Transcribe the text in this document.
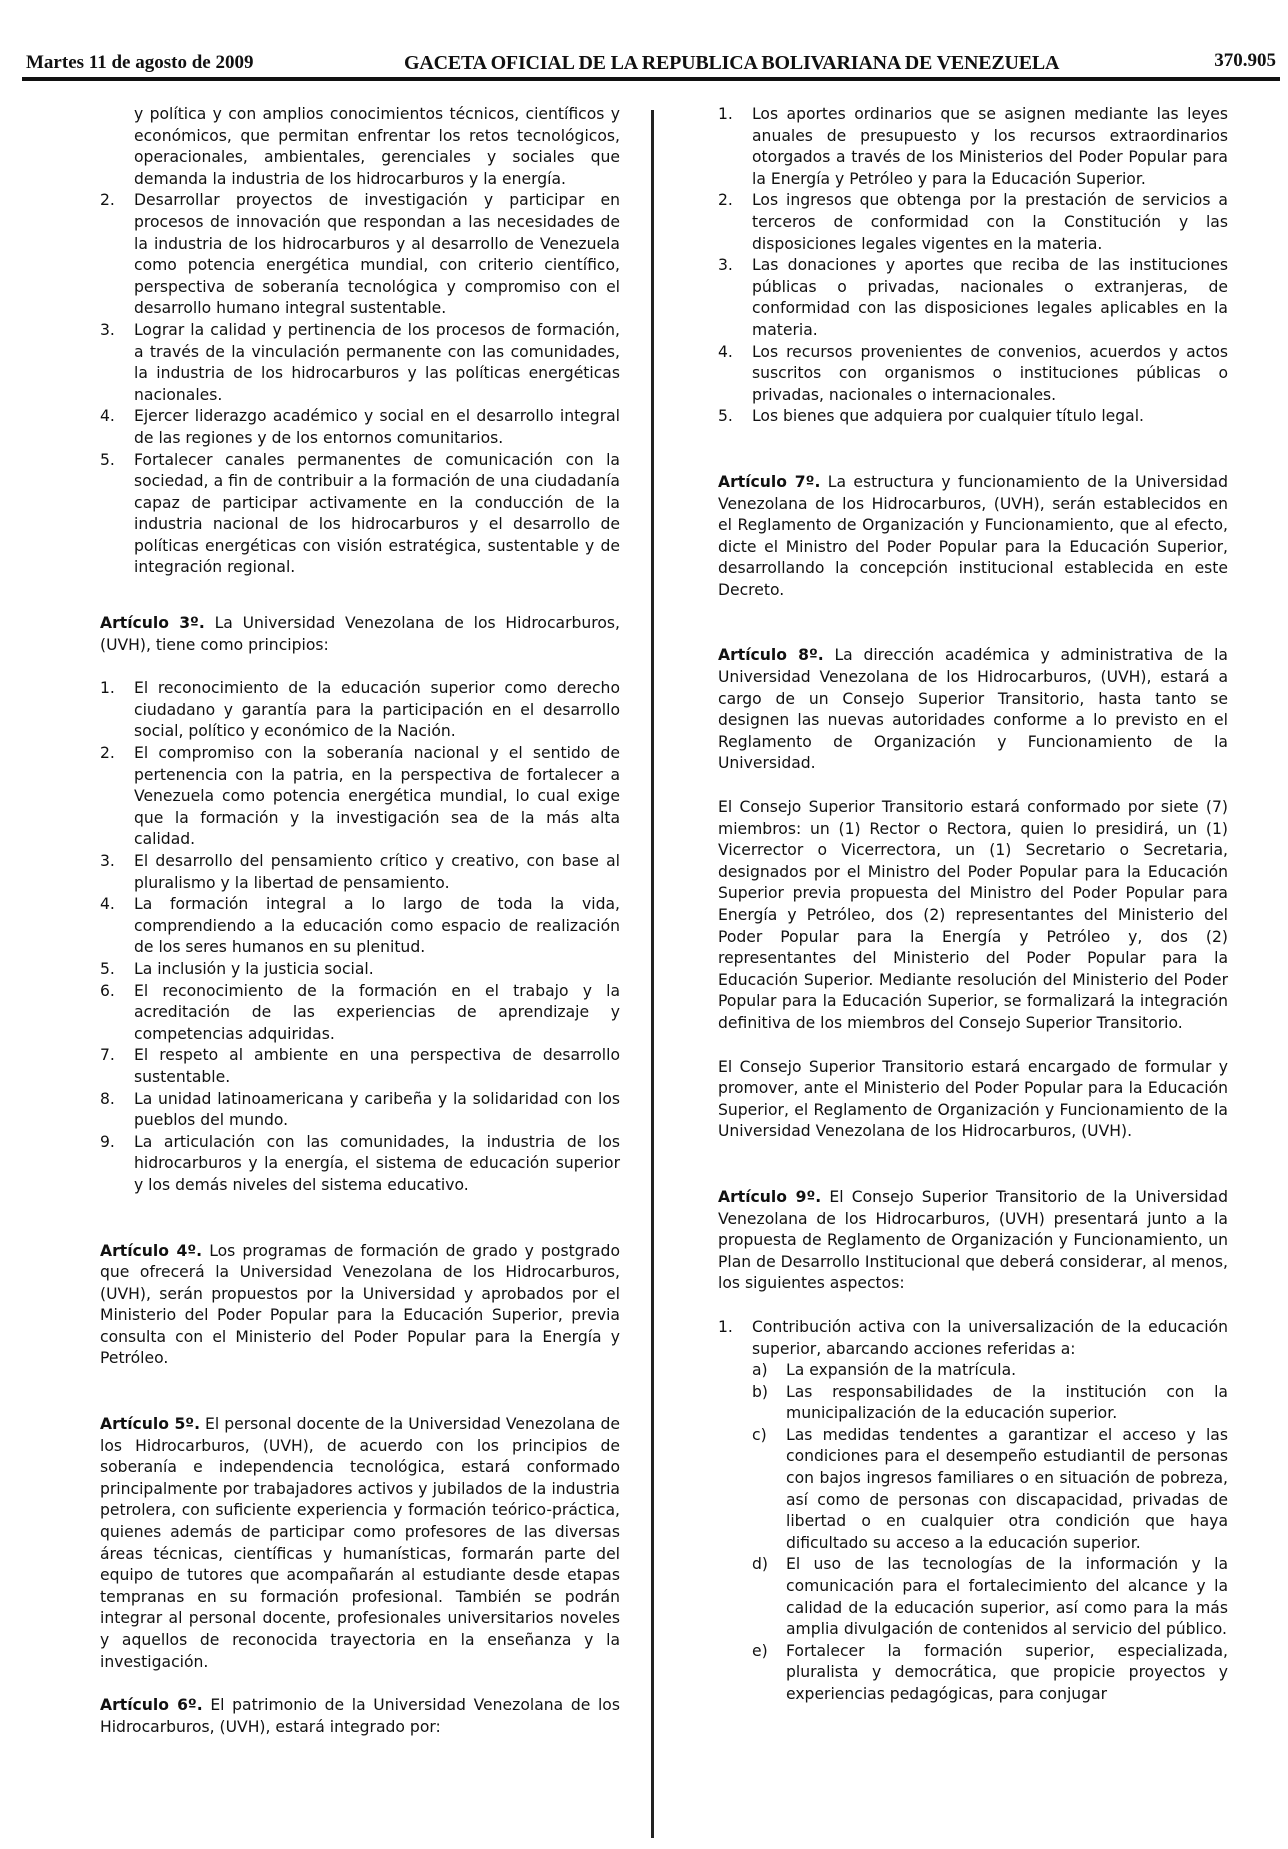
Martes 11 de agosto de 2009	GACETA OFICIAL DE LA REPUBLICA BOLIVARIANA DE VENEZUELA	370.905

y política y con amplios conocimientos técnicos, científicos y económicos, que permitan enfrentar los retos tecnológicos, operacionales, ambientales, gerenciales y sociales que demanda la industria de los hidrocarburos y la energía.

2.	Desarrollar proyectos de investigación y participar en procesos de innovación que respondan a las necesidades de la industria de los hidrocarburos y al desarrollo de Venezuela como potencia energética mundial, con criterio científico, perspectiva de soberanía tecnológica y compromiso con el desarrollo humano integral sustentable.
3.	Lograr la calidad y pertinencia de los procesos de formación, a través de la vinculación permanente con las comunidades, la industria de los hidrocarburos y las políticas energéticas nacionales.
4.	Ejercer liderazgo académico y social en el desarrollo integral de las regiones y de los entornos comunitarios.
5.	Fortalecer canales permanentes de comunicación con la sociedad, a fin de contribuir a la formación de una ciudadanía capaz de participar activamente en la conducción de la industria nacional de los hidrocarburos y el desarrollo de políticas energéticas con visión estratégica, sustentable y de integración regional.

Artículo 3º. La Universidad Venezolana de los Hidrocarburos, (UVH), tiene como principios:

1.	El reconocimiento de la educación superior como derecho ciudadano y garantía para la participación en el desarrollo social, político y económico de la Nación.
2.	El compromiso con la soberanía nacional y el sentido de pertenencia con la patria, en la perspectiva de fortalecer a Venezuela como potencia energética mundial, lo cual exige que la formación y la investigación sea de la más alta calidad.
3.	El desarrollo del pensamiento crítico y creativo, con base al pluralismo y la libertad de pensamiento.
4.	La formación integral a lo largo de toda la vida, comprendiendo a la educación como espacio de realización de los seres humanos en su plenitud.
5.	La inclusión y la justicia social.
6.	El reconocimiento de la formación en el trabajo y la acreditación de las experiencias de aprendizaje y competencias adquiridas.
7.	El respeto al ambiente en una perspectiva de desarrollo sustentable.
8.	La unidad latinoamericana y caribeña y la solidaridad con los pueblos del mundo.
9.	La articulación con las comunidades, la industria de los hidrocarburos y la energía, el sistema de educación superior y los demás niveles del sistema educativo.

Artículo 4º. Los programas de formación de grado y postgrado que ofrecerá la Universidad Venezolana de los Hidrocarburos, (UVH), serán propuestos por la Universidad y aprobados por el Ministerio del Poder Popular para la Educación Superior, previa consulta con el Ministerio del Poder Popular para la Energía y Petróleo.

Artículo 5º. El personal docente de la Universidad Venezolana de los Hidrocarburos, (UVH), de acuerdo con los principios de soberanía e independencia tecnológica, estará conformado principalmente por trabajadores activos y jubilados de la industria petrolera, con suficiente experiencia y formación teórico-práctica, quienes además de participar como profesores de las diversas áreas técnicas, científicas y humanísticas, formarán parte del equipo de tutores que acompañarán al estudiante desde etapas tempranas en su formación profesional. También se podrán integrar al personal docente, profesionales universitarios noveles y aquellos de reconocida trayectoria en la enseñanza y la investigación.

Artículo 6º. El patrimonio de la Universidad Venezolana de los Hidrocarburos, (UVH), estará integrado por:

1.	Los aportes ordinarios que se asignen mediante las leyes anuales de presupuesto y los recursos extraordinarios otorgados a través de los Ministerios del Poder Popular para la Energía y Petróleo y para la Educación Superior.
2.	Los ingresos que obtenga por la prestación de servicios a terceros de conformidad con la Constitución y las disposiciones legales vigentes en la materia.
3.	Las donaciones y aportes que reciba de las instituciones públicas o privadas, nacionales o extranjeras, de conformidad con las disposiciones legales aplicables en la materia.
4.	Los recursos provenientes de convenios, acuerdos y actos suscritos con organismos o instituciones públicas o privadas, nacionales o internacionales.
5.	Los bienes que adquiera por cualquier título legal.

Artículo 7º. La estructura y funcionamiento de la Universidad Venezolana de los Hidrocarburos, (UVH), serán establecidos en el Reglamento de Organización y Funcionamiento, que al efecto, dicte el Ministro del Poder Popular para la Educación Superior, desarrollando la concepción institucional establecida en este Decreto.

Artículo 8º. La dirección académica y administrativa de la Universidad Venezolana de los Hidrocarburos, (UVH), estará a cargo de un Consejo Superior Transitorio, hasta tanto se designen las nuevas autoridades conforme a lo previsto en el Reglamento de Organización y Funcionamiento de la Universidad.

El Consejo Superior Transitorio estará conformado por siete (7) miembros: un (1) Rector o Rectora, quien lo presidirá, un (1) Vicerrector o Vicerrectora, un (1) Secretario o Secretaria, designados por el Ministro del Poder Popular para la Educación Superior previa propuesta del Ministro del Poder Popular para Energía y Petróleo, dos (2) representantes del Ministerio del Poder Popular para la Energía y Petróleo y, dos (2) representantes del Ministerio del Poder Popular para la Educación Superior. Mediante resolución del Ministerio del Poder Popular para la Educación Superior, se formalizará la integración definitiva de los miembros del Consejo Superior Transitorio.

El Consejo Superior Transitorio estará encargado de formular y promover, ante el Ministerio del Poder Popular para la Educación Superior, el Reglamento de Organización y Funcionamiento de la Universidad Venezolana de los Hidrocarburos, (UVH).

Artículo 9º. El Consejo Superior Transitorio de la Universidad Venezolana de los Hidrocarburos, (UVH) presentará junto a la propuesta de Reglamento de Organización y Funcionamiento, un Plan de Desarrollo Institucional que deberá considerar, al menos, los siguientes aspectos:

1.	Contribución activa con la universalización de la educación superior, abarcando acciones referidas a:
a) La expansión de la matrícula.
b) Las responsabilidades de la institución con la municipalización de la educación superior.
c) Las medidas tendentes a garantizar el acceso y las condiciones para el desempeño estudiantil de personas con bajos ingresos familiares o en situación de pobreza, así como de personas con discapacidad, privadas de libertad o en cualquier otra condición que haya dificultado su acceso a la educación superior.
d) El uso de las tecnologías de la información y la comunicación para el fortalecimiento del alcance y la calidad de la educación superior, así como para la más amplia divulgación de contenidos al servicio del público.
e) Fortalecer la formación superior, especializada, pluralista y democrática, que propicie proyectos y experiencias pedagógicas, para conjugar
